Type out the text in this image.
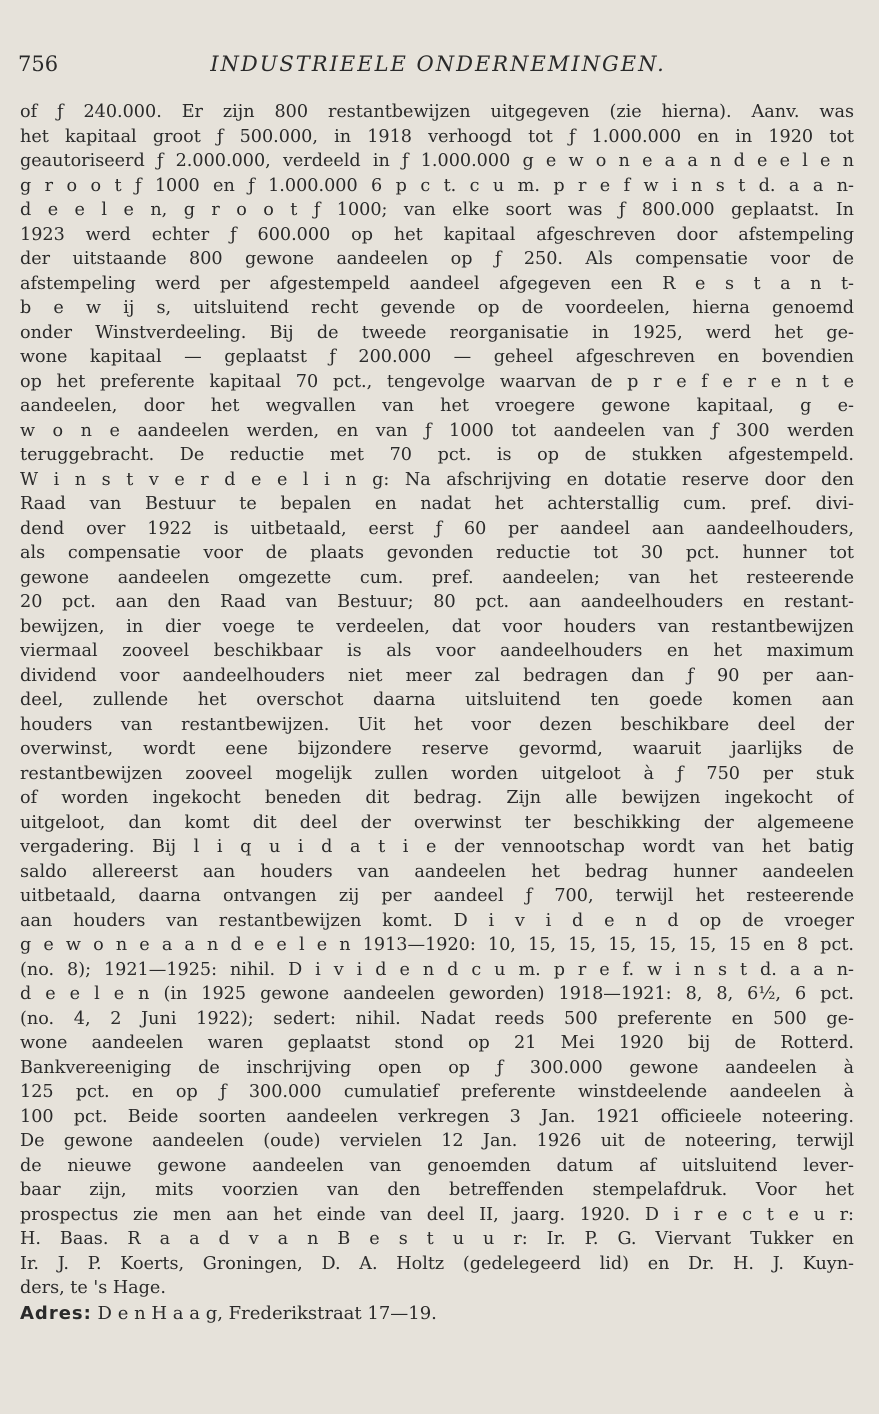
756	INDUSTRIEELE ONDERNEMINGEN.
of ƒ 240.000. Er zijn 800 restantbewijzen uitgegeven (zie hierna). Aanv. was
het kapitaal groot ƒ 500.000, in 1918 verhoogd tot ƒ 1.000.000 en in 1920 tot
geautoriseerd ƒ 2.000.000, verdeeld in ƒ 1.000.000 g e w o n e a a n d e e l e n
g r o o t ƒ 1000 en ƒ 1.000.000 6 p c t. c u m. p r e f w i n s t d. a a n-
d e e l e n, g r o o t ƒ 1000; van elke soort was ƒ 800.000 geplaatst. In
1923 werd echter ƒ 600.000 op het kapitaal afgeschreven door afstempeling
der uitstaande 800 gewone aandeelen op ƒ 250. Als compensatie voor de
afstempeling werd per afgestempeld aandeel afgegeven een R e s t a n t-
b e w ij s, uitsluitend recht gevende op de voordeelen, hierna genoemd
onder Winstverdeeling. Bij de tweede reorganisatie in 1925, werd het ge-
wone kapitaal — geplaatst ƒ 200.000 — geheel afgeschreven en bovendien
op het preferente kapitaal 70 pct., tengevolge waarvan de p r e f e r e n t e
aandeelen, door het wegvallen van het vroegere gewone kapitaal, g e-
w o n e aandeelen werden, en van ƒ 1000 tot aandeelen van ƒ 300 werden
teruggebracht. De reductie met 70 pct. is op de stukken afgestempeld.
W i n s t v e r d e e l i n g: Na afschrijving en dotatie reserve door den
Raad van Bestuur te bepalen en nadat het achterstallig cum. pref. divi-
dend over 1922 is uitbetaald, eerst ƒ 60 per aandeel aan aandeelhouders,
als compensatie voor de plaats gevonden reductie tot 30 pct. hunner tot
gewone aandeelen omgezette cum. pref. aandeelen; van het resteerende
20 pct. aan den Raad van Bestuur; 80 pct. aan aandeelhouders en restant-
bewijzen, in dier voege te verdeelen, dat voor houders van restantbewijzen
viermaal zooveel beschikbaar is als voor aandeelhouders en het maximum
dividend voor aandeelhouders niet meer zal bedragen dan ƒ 90 per aan-
deel, zullende het overschot daarna uitsluitend ten goede komen aan
houders van restantbewijzen. Uit het voor dezen beschikbare deel der
overwinst, wordt eene bijzondere reserve gevormd, waaruit jaarlijks de
restantbewijzen zooveel mogelijk zullen worden uitgeloot à ƒ 750 per stuk
of worden ingekocht beneden dit bedrag. Zijn alle bewijzen ingekocht of
uitgeloot, dan komt dit deel der overwinst ter beschikking der algemeene
vergadering. Bij l i q u i d a t i e der vennootschap wordt van het batig
saldo allereerst aan houders van aandeelen het bedrag hunner aandeelen
uitbetaald, daarna ontvangen zij per aandeel ƒ 700, terwijl het resteerende
aan houders van restantbewijzen komt. D i v i d e n d op de vroeger
g e w o n e a a n d e e l e n 1913—1920: 10, 15, 15, 15, 15, 15, 15 en 8 pct.
(no. 8); 1921—1925: nihil. D i v i d e n d c u m. p r e f. w i n s t d. a a n-
d e e l e n (in 1925 gewone aandeelen geworden) 1918—1921: 8, 8, 6½, 6 pct.
(no. 4, 2 Juni 1922); sedert: nihil. Nadat reeds 500 preferente en 500 ge-
wone aandeelen waren geplaatst stond op 21 Mei 1920 bij de Rotterd.
Bankvereeniging de inschrijving open op ƒ 300.000 gewone aandeelen à
125 pct. en op ƒ 300.000 cumulatief preferente winstdeelende aandeelen à
100 pct. Beide soorten aandeelen verkregen 3 Jan. 1921 officieele noteering.
De gewone aandeelen (oude) vervielen 12 Jan. 1926 uit de noteering, terwijl
de nieuwe gewone aandeelen van genoemden datum af uitsluitend lever-
baar zijn, mits voorzien van den betreffenden stempelafdruk. Voor het
prospectus zie men aan het einde van deel II, jaarg. 1920. D i r e c t e u r:
H. Baas. R a a d v a n B e s t u u r: Ir. P. G. Viervant Tukker en
Ir. J. P. Koerts, Groningen, D. A. Holtz (gedelegeerd lid) en Dr. H. J. Kuyn-
ders, te 's Hage.
Adres: D e n H a a g, Frederikstraat 17—19.
